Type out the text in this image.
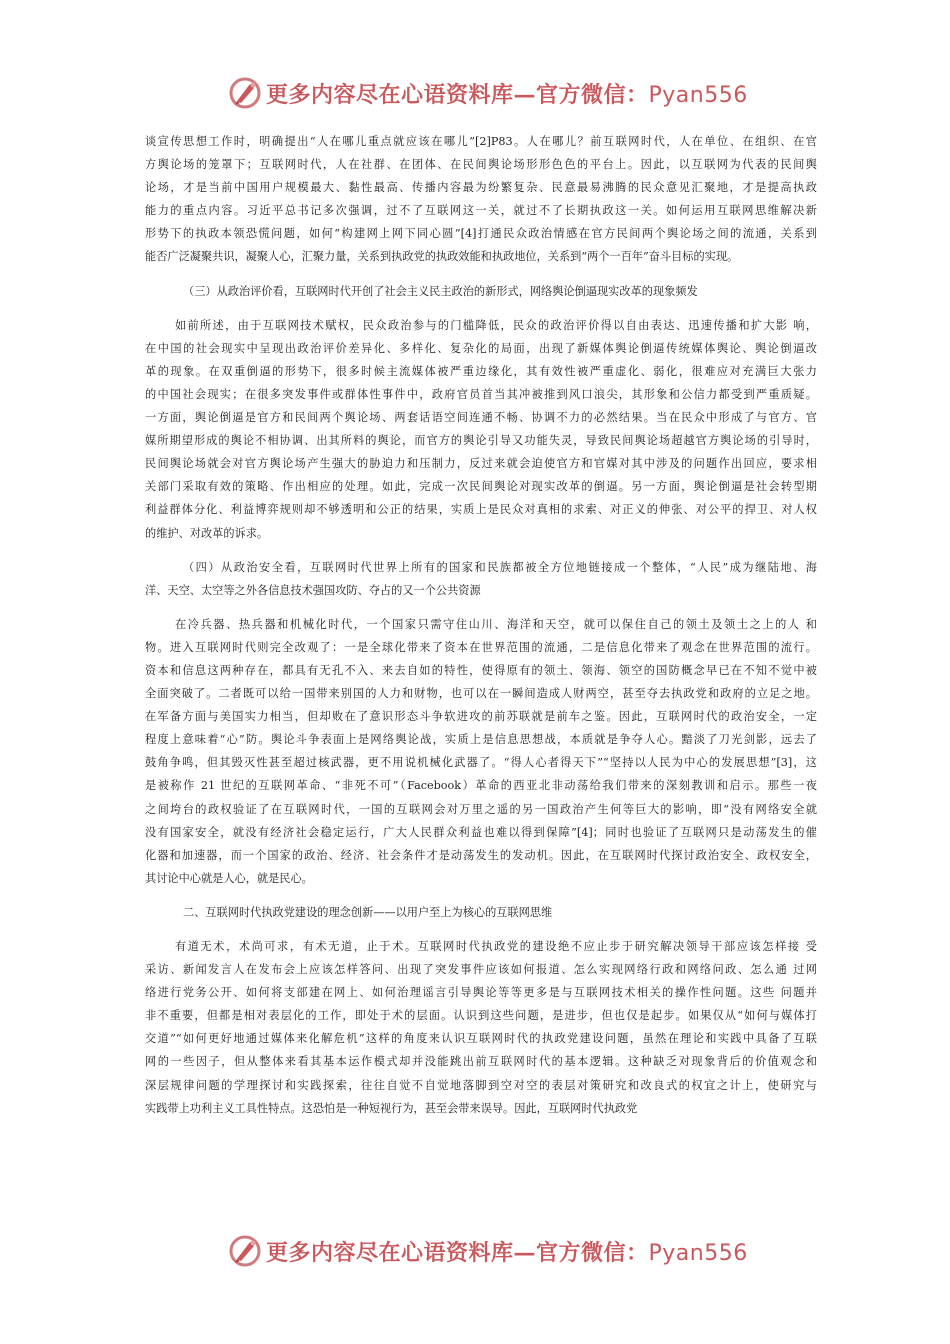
更多内容尽在心语资料库—官方微信：Pyan556
谈宣传思想工作时，明确提出“人在哪儿重点就应该在哪儿”[2]P83。人在哪儿？前互联网时代，人在单位、在组织、在官
方舆论场的笼罩下；互联网时代，人在社群、在团体、在民间舆论场形形色色的平台上。因此，以互联网为代表的民间舆
论场，才是当前中国用户规模最大、黏性最高、传播内容最为纷繁复杂、民意最易沸腾的民众意见汇聚地，才是提高执政
能力的重点内容。习近平总书记多次强调，过不了互联网这一关，就过不了长期执政这一关。如何运用互联网思维解决新
形势下的执政本领恐慌问题，如何“构建网上网下同心圆”[4]打通民众政治情感在官方民间两个舆论场之间的流通，关系到
能否广泛凝聚共识，凝聚人心，汇聚力量，关系到执政党的执政效能和执政地位，关系到“两个一百年”奋斗目标的实现。
（三）从政治评价看，互联网时代开创了社会主义民主政治的新形式，网络舆论倒逼现实改革的现象频发
如前所述，由于互联网技术赋权，民众政治参与的门槛降低，民众的政治评价得以自由表达、迅速传播和扩大影 响，
在中国的社会现实中呈现出政治评价差异化、多样化、复杂化的局面，出现了新媒体舆论倒逼传统媒体舆论、舆论倒逼改
革的现象。在双重倒逼的形势下，很多时候主流媒体被严重边缘化，其有效性被严重虚化、弱化，很难应对充满巨大张力
的中国社会现实；在很多突发事件或群体性事件中，政府官员首当其冲被推到风口浪尖，其形象和公信力都受到严重质疑。
一方面，舆论倒逼是官方和民间两个舆论场、两套话语空间连通不畅、协调不力的必然结果。当在民众中形成了与官方、官
媒所期望形成的舆论不相协调、出其所料的舆论，而官方的舆论引导又功能失灵，导致民间舆论场超越官方舆论场的引导时，
民间舆论场就会对官方舆论场产生强大的胁迫力和压制力，反过来就会迫使官方和官媒对其中涉及的问题作出回应，要求相
关部门采取有效的策略、作出相应的处理。如此，完成一次民间舆论对现实改革的倒逼。另一方面，舆论倒逼是社会转型期
利益群体分化、利益博弈规则却不够透明和公正的结果，实质上是民众对真相的求索、对正义的伸张、对公平的捍卫、对人权
的维护、对改革的诉求。
（四）从政治安全看，互联网时代世界上所有的国家和民族都被全方位地链接成一个整体，“人民”成为继陆地、海
洋、天空、太空等之外各信息技术强国攻防、夺占的又一个公共资源
在冷兵器、热兵器和机械化时代，一个国家只需守住山川、海洋和天空，就可以保住自己的领土及领土之上的人 和
物。进入互联网时代则完全改观了：一是全球化带来了资本在世界范围的流通，二是信息化带来了观念在世界范围的流行。
资本和信息这两种存在，都具有无孔不入、来去自如的特性，使得原有的领土、领海、领空的国防概念早已在不知不觉中被
全面突破了。二者既可以给一国带来别国的人力和财物，也可以在一瞬间造成人财两空，甚至夺去执政党和政府的立足之地。
在军备方面与美国实力相当，但却败在了意识形态斗争软进攻的前苏联就是前车之鉴。因此，互联网时代的政治安全，一定
程度上意味着“心”防。舆论斗争表面上是网络舆论战，实质上是信息思想战，本质就是争夺人心。黯淡了刀光剑影，远去了
鼓角争鸣，但其毁灭性甚至超过核武器，更不用说机械化武器了。“得人心者得天下”“坚持以人民为中心的发展思想”[3]，这
是被称作 21 世纪的互联网革命、“非死不可”（Facebook）革命的西亚北非动荡给我们带来的深刻教训和启示。那些一夜
之间垮台的政权验证了在互联网时代，一国的互联网会对万里之遥的另一国政治产生何等巨大的影响，即“没有网络安全就
没有国家安全，就没有经济社会稳定运行，广大人民群众利益也难以得到保障”[4]；同时也验证了互联网只是动荡发生的催
化器和加速器，而一个国家的政治、经济、社会条件才是动荡发生的发动机。因此，在互联网时代探讨政治安全、政权安全，
其讨论中心就是人心，就是民心。
二、互联网时代执政党建设的理念创新——以用户至上为核心的互联网思维
有道无术，术尚可求，有术无道，止于术。互联网时代执政党的建设绝不应止步于研究解决领导干部应该怎样接 受
采访、新闻发言人在发布会上应该怎样答问、出现了突发事件应该如何报道、怎么实现网络行政和网络问政、怎么通 过网
络进行党务公开、如何将支部建在网上、如何治理谣言引导舆论等等更多是与互联网技术相关的操作性问题。这些 问题并
非不重要，但都是相对表层化的工作，即处于术的层面。认识到这些问题，是进步，但也仅是起步。如果仅从“如何与媒体打
交道”“如何更好地通过媒体来化解危机”这样的角度来认识互联网时代的执政党建设问题，虽然在理论和实践中具备了互联
网的一些因子，但从整体来看其基本运作模式却并没能跳出前互联网时代的基本逻辑。这种缺乏对现象背后的价值观念和
深层规律问题的学理探讨和实践探索，往往自觉不自觉地落脚到空对空的表层对策研究和改良式的权宜之计上，使研究与
实践带上功利主义工具性特点。这恐怕是一种短视行为，甚至会带来误导。因此，互联网时代执政党
更多内容尽在心语资料库—官方微信：Pyan556
